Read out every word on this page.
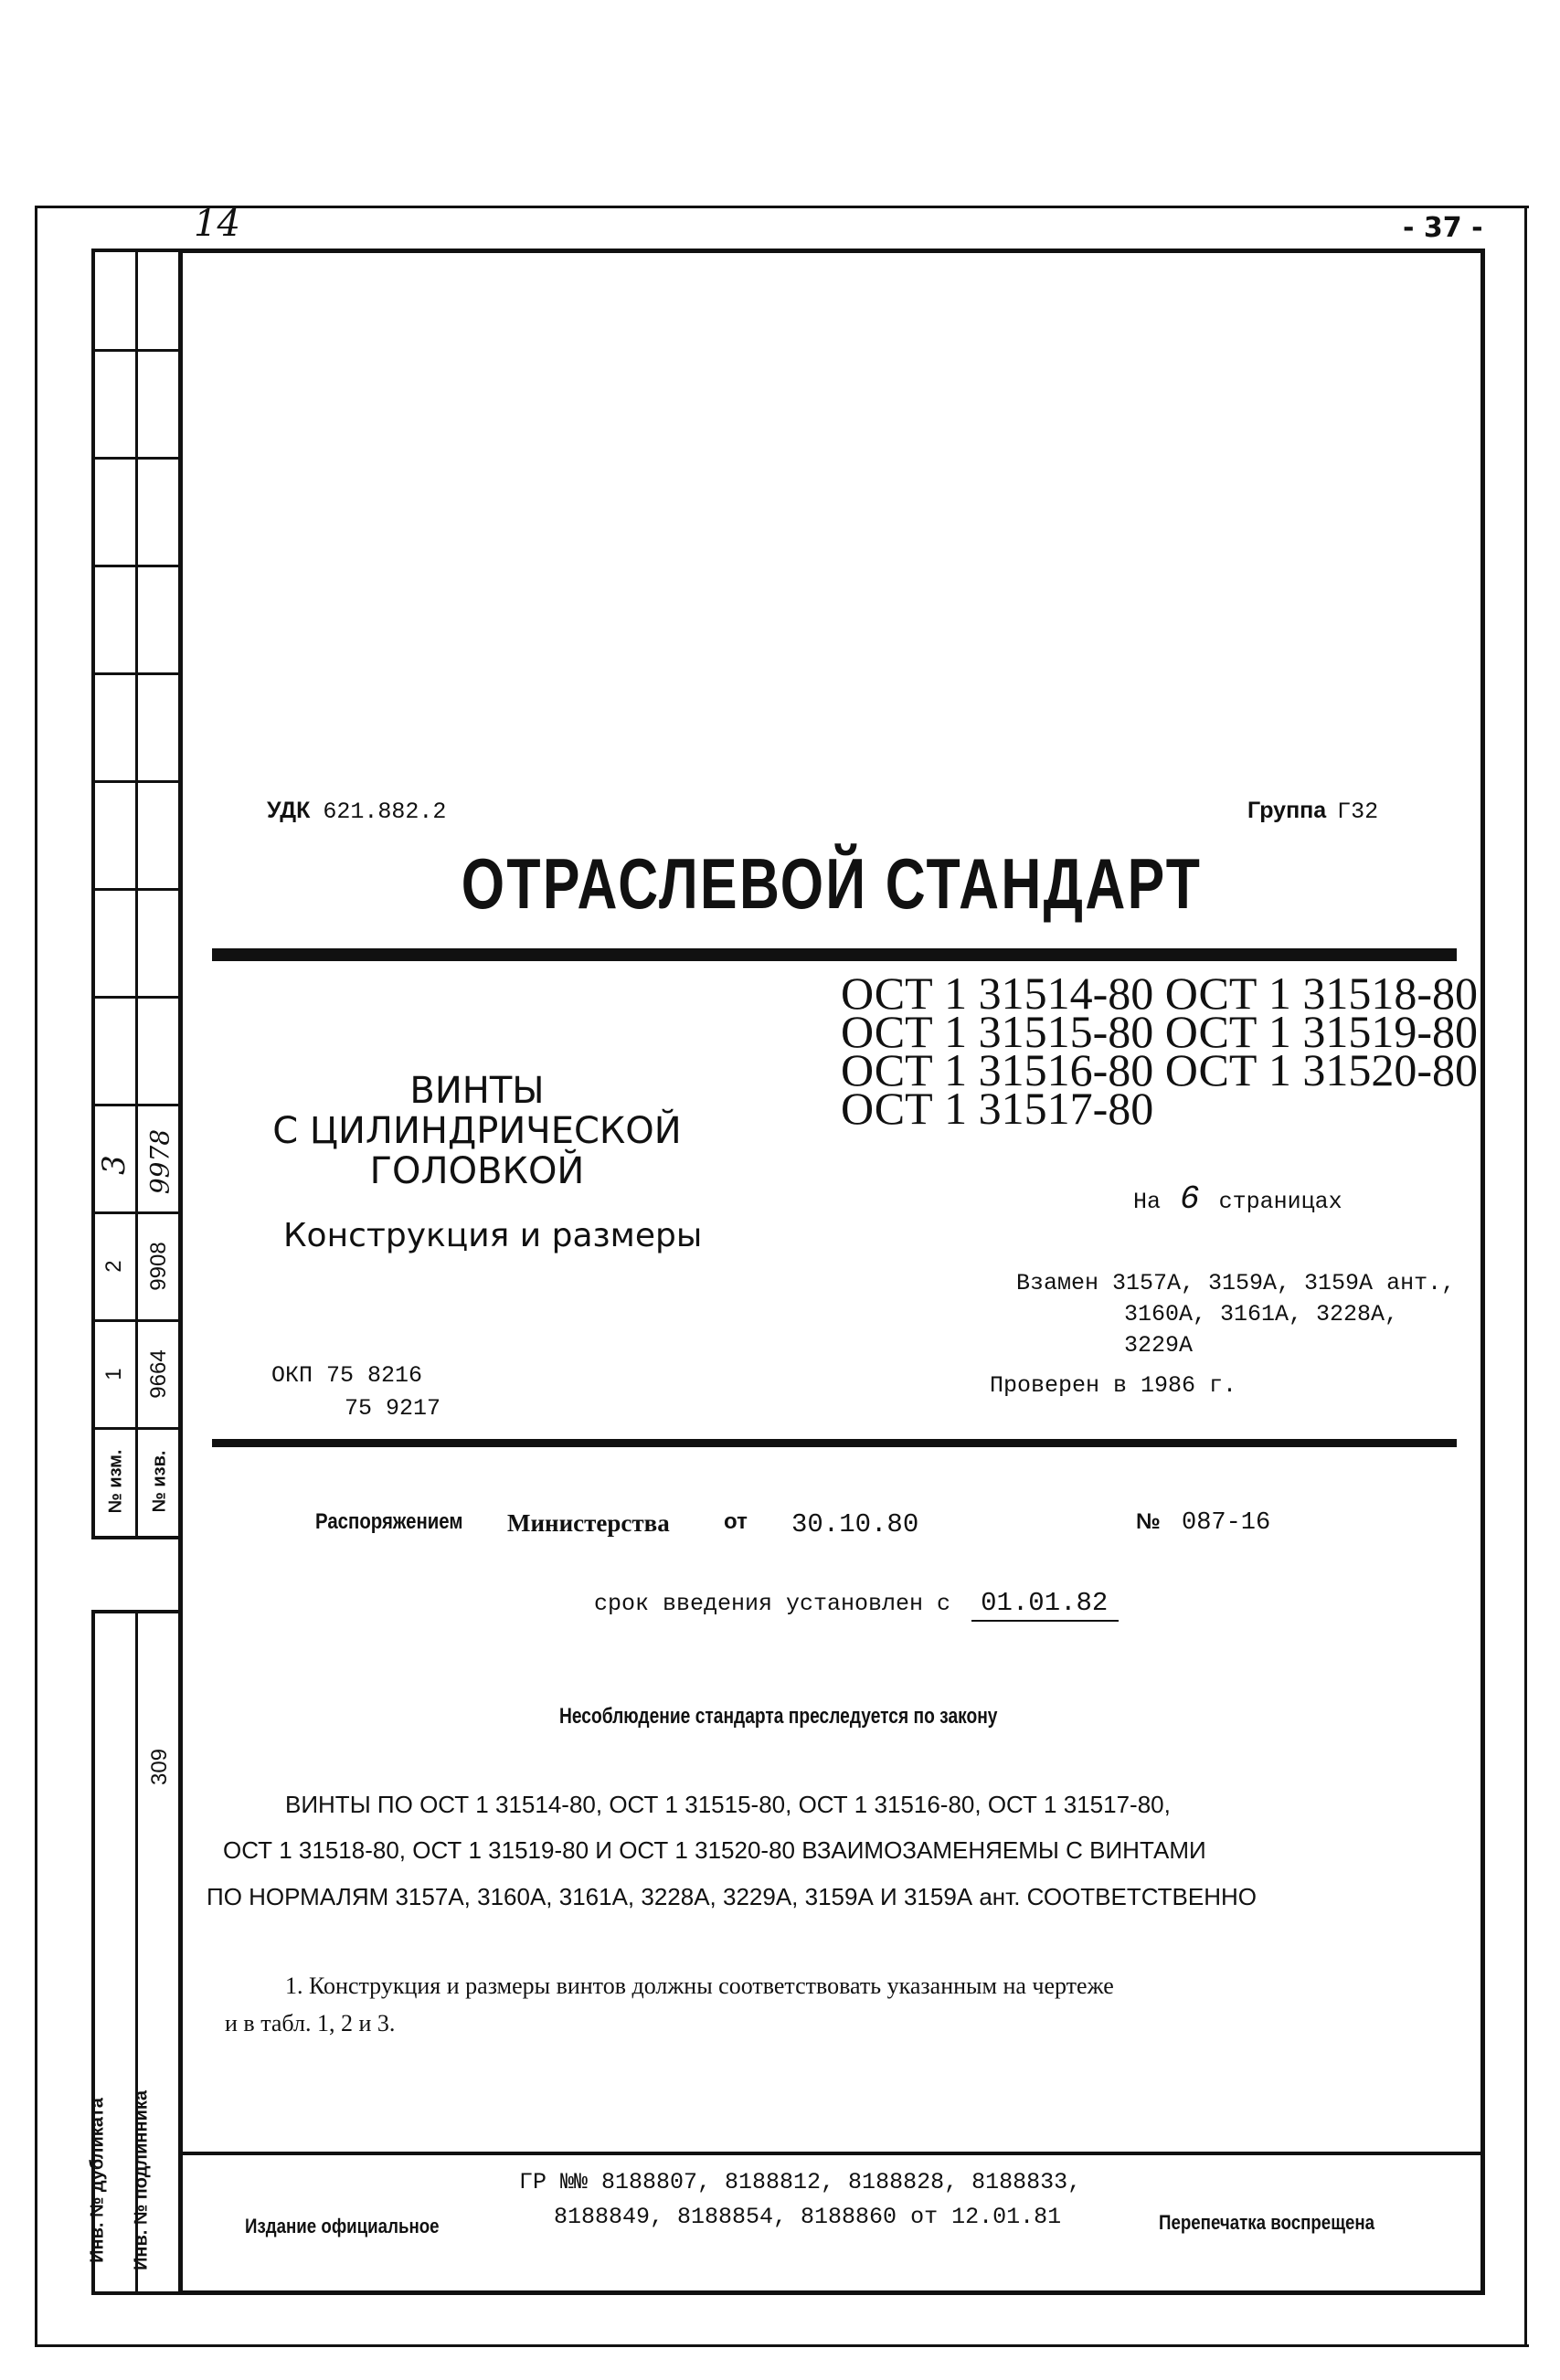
14	- 37 -
3 9978
2 9908
1 9664
№ изм. № изв.
309
Инв. № дубликата Инв. № подлинника
УДК 621.882.2	Группа Г32
ОТРАСЛЕВОЙ СТАНДАРТ
ОСТ 1 31514-80 ОСТ 1 31518-80
ОСТ 1 31515-80 ОСТ 1 31519-80
ОСТ 1 31516-80 ОСТ 1 31520-80
ОСТ 1 31517-80
ВИНТЫ
С ЦИЛИНДРИЧЕСКОЙ
ГОЛОВКОЙ
Конструкция и размеры
На 6 страницах
Взамен 3157А, 3159А, 3159А ант.,
3160А, 3161А, 3228А,
3229А
Проверен в 1986 г.
ОКП 75 8216
75 9217
Распоряжением Министерства от 30.10.80	№ 087-16
срок введения установлен с 01.01.82
Несоблюдение стандарта преследуется по закону
ВИНТЫ ПО ОСТ 1 31514-80, ОСТ 1 31515-80, ОСТ 1 31516-80, ОСТ 1 31517-80,
ОСТ 1 31518-80, ОСТ 1 31519-80 И ОСТ 1 31520-80 ВЗАИМОЗАМЕНЯЕМЫ С ВИНТАМИ
ПО НОРМАЛЯМ 3157А, 3160А, 3161А, 3228А, 3229А, 3159А И 3159А ант. СООТВЕТСТВЕННО
1. Конструкция и размеры винтов должны соответствовать указанным на чертеже
и в табл. 1, 2 и 3.
Издание официальное
ГР №№ 8188807, 8188812, 8188828, 8188833,
8188849, 8188854, 8188860 от 12.01.81	Перепечатка воспрещена
